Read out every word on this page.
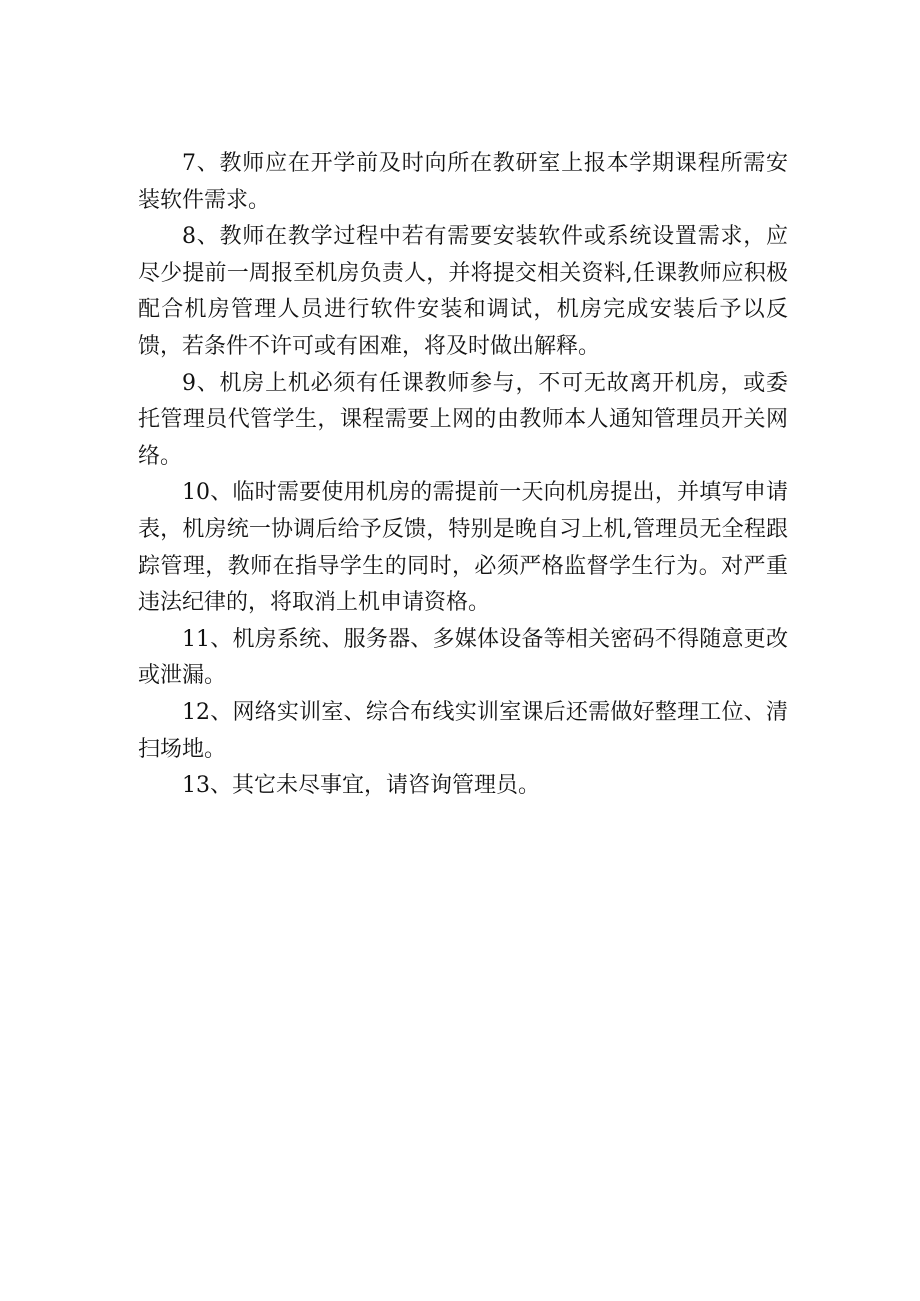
7、教师应在开学前及时向所在教研室上报本学期课程所需安装软件需求。

8、教师在教学过程中若有需要安装软件或系统设置需求，应尽少提前一周报至机房负责人，并将提交相关资料,任课教师应积极配合机房管理人员进行软件安装和调试，机房完成安装后予以反馈，若条件不许可或有困难，将及时做出解释。

9、机房上机必须有任课教师参与，不可无故离开机房，或委托管理员代管学生，课程需要上网的由教师本人通知管理员开关网络。

10、临时需要使用机房的需提前一天向机房提出，并填写申请表，机房统一协调后给予反馈，特别是晚自习上机,管理员无全程跟踪管理，教师在指导学生的同时，必须严格监督学生行为。对严重违法纪律的，将取消上机申请资格。

11、机房系统、服务器、多媒体设备等相关密码不得随意更改或泄漏。

12、网络实训室、综合布线实训室课后还需做好整理工位、清扫场地。

13、其它未尽事宜，请咨询管理员。
